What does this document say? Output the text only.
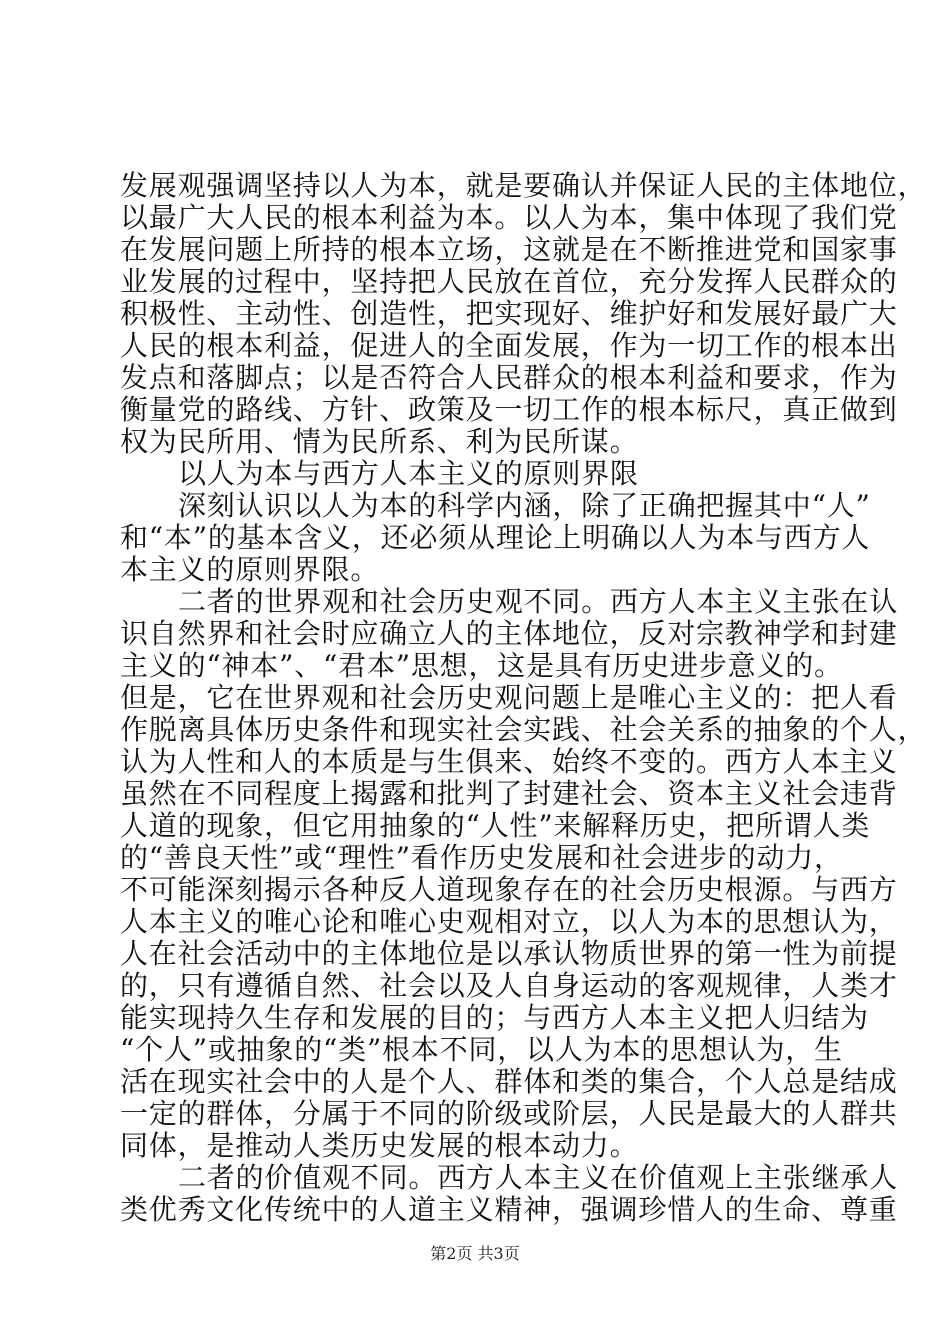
发展观强调坚持以人为本，就是要确认并保证人民的主体地位，
以最广大人民的根本利益为本。以人为本，集中体现了我们党
在发展问题上所持的根本立场，这就是在不断推进党和国家事
业发展的过程中，坚持把人民放在首位，充分发挥人民群众的
积极性、主动性、创造性，把实现好、维护好和发展好最广大
人民的根本利益，促进人的全面发展，作为一切工作的根本出
发点和落脚点；以是否符合人民群众的根本利益和要求，作为
衡量党的路线、方针、政策及一切工作的根本标尺，真正做到
权为民所用、情为民所系、利为民所谋。
以人为本与西方人本主义的原则界限
深刻认识以人为本的科学内涵，除了正确把握其中“人”
和“本”的基本含义，还必须从理论上明确以人为本与西方人
本主义的原则界限。
二者的世界观和社会历史观不同。西方人本主义主张在认
识自然界和社会时应确立人的主体地位，反对宗教神学和封建
主义的“神本”、“君本”思想，这是具有历史进步意义的。
但是，它在世界观和社会历史观问题上是唯心主义的：把人看
作脱离具体历史条件和现实社会实践、社会关系的抽象的个人，
认为人性和人的本质是与生俱来、始终不变的。西方人本主义
虽然在不同程度上揭露和批判了封建社会、资本主义社会违背
人道的现象，但它用抽象的“人性”来解释历史，把所谓人类
的“善良天性”或“理性”看作历史发展和社会进步的动力，
不可能深刻揭示各种反人道现象存在的社会历史根源。与西方
人本主义的唯心论和唯心史观相对立，以人为本的思想认为，
人在社会活动中的主体地位是以承认物质世界的第一性为前提
的，只有遵循自然、社会以及人自身运动的客观规律，人类才
能实现持久生存和发展的目的；与西方人本主义把人归结为
“个人”或抽象的“类”根本不同，以人为本的思想认为，生
活在现实社会中的人是个人、群体和类的集合，个人总是结成
一定的群体，分属于不同的阶级或阶层，人民是最大的人群共
同体，是推动人类历史发展的根本动力。
二者的价值观不同。西方人本主义在价值观上主张继承人
类优秀文化传统中的人道主义精神，强调珍惜人的生命、尊重
第2页 共3页
